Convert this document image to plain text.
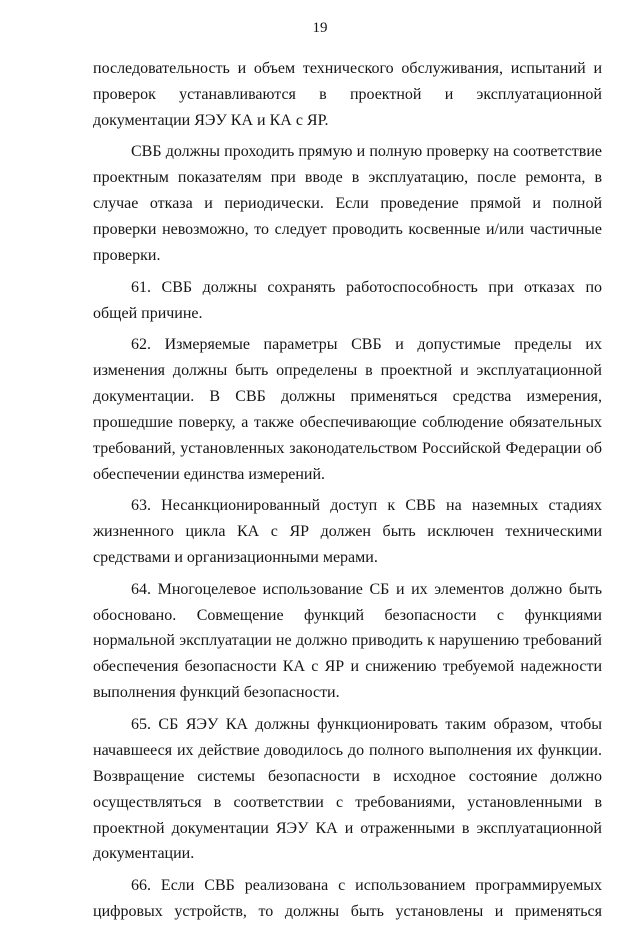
19

последовательность и объем технического обслуживания, испытаний и проверок устанавливаются в проектной и эксплуатационной документации ЯЭУ КА и КА с ЯР.

СВБ должны проходить прямую и полную проверку на соответствие проектным показателям при вводе в эксплуатацию, после ремонта, в случае отказа и периодически. Если проведение прямой и полной проверки невозможно, то следует проводить косвенные и/или частичные проверки.

61. СВБ должны сохранять работоспособность при отказах по общей причине.

62. Измеряемые параметры СВБ и допустимые пределы их изменения должны быть определены в проектной и эксплуатационной документации. В СВБ должны применяться средства измерения, прошедшие поверку, а также обеспечивающие соблюдение обязательных требований, установленных законодательством Российской Федерации об обеспечении единства измерений.

63. Несанкционированный доступ к СВБ на наземных стадиях жизненного цикла КА с ЯР должен быть исключен техническими средствами и организационными мерами.

64. Многоцелевое использование СБ и их элементов должно быть обосновано. Совмещение функций безопасности с функциями нормальной эксплуатации не должно приводить к нарушению требований обеспечения безопасности КА с ЯР и снижению требуемой надежности выполнения функций безопасности.

65. СБ ЯЭУ КА должны функционировать таким образом, чтобы начавшееся их действие доводилось до полного выполнения их функции. Возвращение системы безопасности в исходное состояние должно осуществляться в соответствии с требованиями, установленными в проектной документации ЯЭУ КА и отраженными в эксплуатационной документации.

66. Если СВБ реализована с использованием программируемых цифровых устройств, то должны быть установлены и применяться
